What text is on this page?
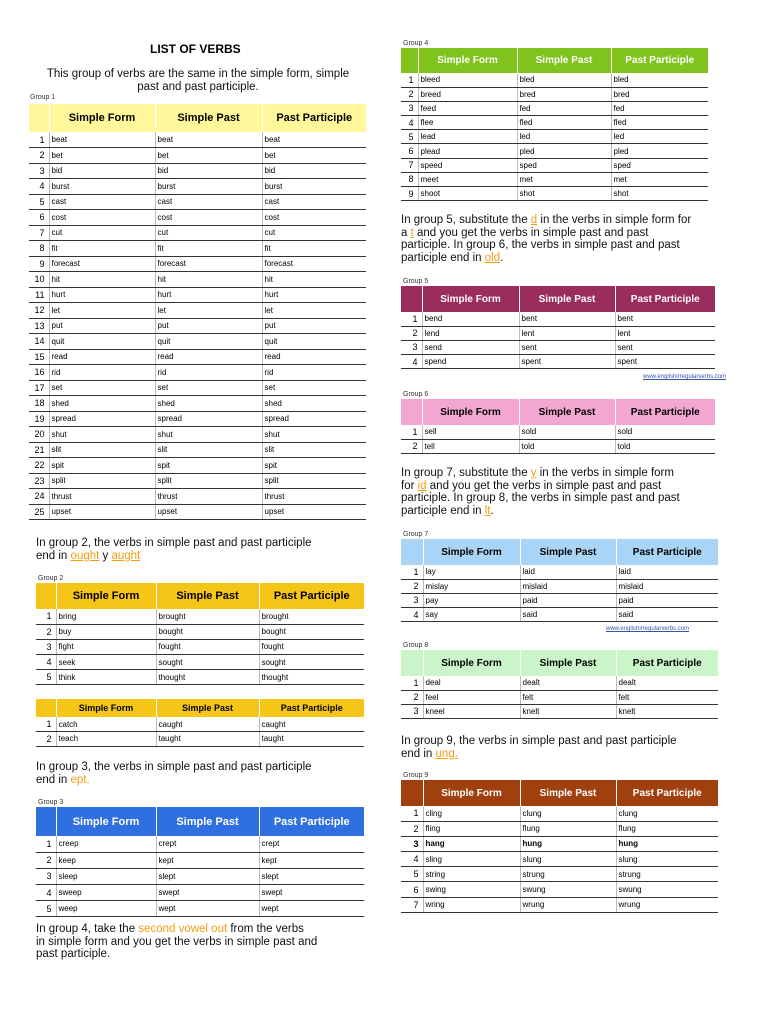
LIST OF VERBS
This group of verbs are the same in the simple form, simple
past and past participle.
Group 1
	Simple Form	Simple Past	Past Participle
1	beat	beat	beat
2	bet	bet	bet
3	bid	bid	bid
4	burst	burst	burst
5	cast	cast	cast
6	cost	cost	cost
7	cut	cut	cut
8	fit	fit	fit
9	forecast	forecast	forecast
10	hit	hit	hit
11	hurt	hurt	hurt
12	let	let	let
13	put	put	put
14	quit	quit	quit
15	read	read	read
16	rid	rid	rid
17	set	set	set
18	shed	shed	shed
19	spread	spread	spread
20	shut	shut	shut
21	slit	slit	slit
22	spit	spit	spit
23	split	split	split
24	thrust	thrust	thrust
25	upset	upset	upset
In group 2, the verbs in simple past and past participle
end in ought y aught
Group 2
	Simple Form	Simple Past	Past Participle
1	bring	brought	brought
2	buy	bought	bought
3	fight	fought	fought
4	seek	sought	sought
5	think	thought	thought
	Simple Form	Simple Past	Past Participle
1	catch	caught	caught
2	teach	taught	taught
In group 3, the verbs in simple past and past participle
end in ept.
Group 3
	Simple Form	Simple Past	Past Participle
1	creep	crept	crept
2	keep	kept	kept
3	sleep	slept	slept
4	sweep	swept	swept
5	weep	wept	wept
In group 4, take the second vowel out from the verbs
in simple form and you get the verbs in simple past and
past participle.
Group 4
	Simple Form	Simple Past	Past Participle
1	bleed	bled	bled
2	breed	bred	bred
3	feed	fed	fed
4	flee	fled	fled
5	lead	led	led
6	plead	pled	pled
7	speed	sped	sped
8	meet	met	met
9	shoot	shot	shot
In group 5, substitute the d in the verbs in simple form for
a t and you get the verbs in simple past and past
participle. In group 6, the verbs in simple past and past
participle end in old.
Group 5
	Simple Form	Simple Past	Past Participle
1	bend	bent	bent
2	lend	lent	lent
3	send	sent	sent
4	spend	spent	spent
www.englishirregularverbs.com
Group 6
	Simple Form	Simple Past	Past Participle
1	sell	sold	sold
2	tell	told	told
In group 7, substitute the y in the verbs in simple form
for id and you get the verbs in simple past and past
participle. In group 8, the verbs in simple past and past
participle end in lt.
Group 7
	Simple Form	Simple Past	Past Participle
1	lay	laid	laid
2	mislay	mislaid	mislaid
3	pay	paid	paid
4	say	said	said
www.englishirregularverbs.com
Group 8
	Simple Form	Simple Past	Past Participle
1	deal	dealt	dealt
2	feel	felt	felt
3	kneel	knelt	knelt
In group 9, the verbs in simple past and past participle
end in ung.
Group 9
	Simple Form	Simple Past	Past Participle
1	cling	clung	clung
2	fling	flung	flung
3	hang	hung	hung
4	sling	slung	slung
5	string	strung	strung
6	swing	swung	swung
7	wring	wrung	wrung
